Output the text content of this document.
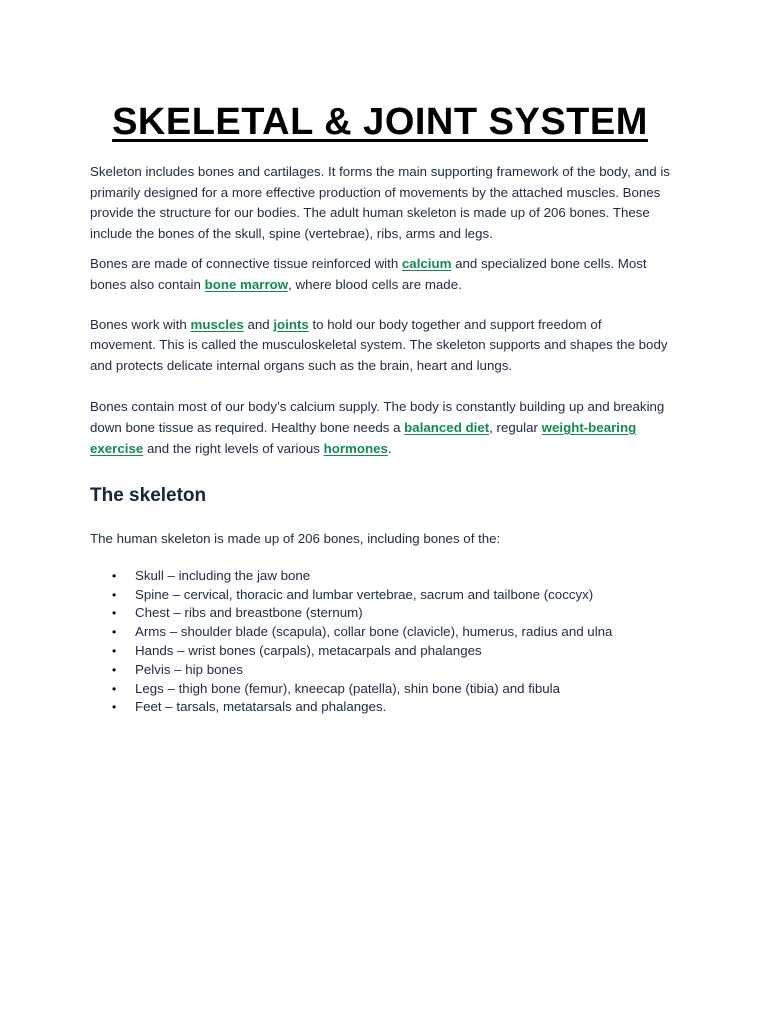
SKELETAL & JOINT SYSTEM

Skeleton includes bones and cartilages. It forms the main supporting framework of the body, and is primarily designed for a more effective production of movements by the attached muscles. Bones provide the structure for our bodies. The adult human skeleton is made up of 206 bones. These include the bones of the skull, spine (vertebrae), ribs, arms and legs.

Bones are made of connective tissue reinforced with calcium and specialized bone cells. Most bones also contain bone marrow, where blood cells are made.

Bones work with muscles and joints to hold our body together and support freedom of movement. This is called the musculoskeletal system. The skeleton supports and shapes the body and protects delicate internal organs such as the brain, heart and lungs.

Bones contain most of our body’s calcium supply. The body is constantly building up and breaking down bone tissue as required. Healthy bone needs a balanced diet, regular weight-bearing exercise and the right levels of various hormones.

The skeleton

The human skeleton is made up of 206 bones, including bones of the:

• Skull – including the jaw bone
• Spine – cervical, thoracic and lumbar vertebrae, sacrum and tailbone (coccyx)
• Chest – ribs and breastbone (sternum)
• Arms – shoulder blade (scapula), collar bone (clavicle), humerus, radius and ulna
• Hands – wrist bones (carpals), metacarpals and phalanges
• Pelvis – hip bones
• Legs – thigh bone (femur), kneecap (patella), shin bone (tibia) and fibula
• Feet – tarsals, metatarsals and phalanges.
